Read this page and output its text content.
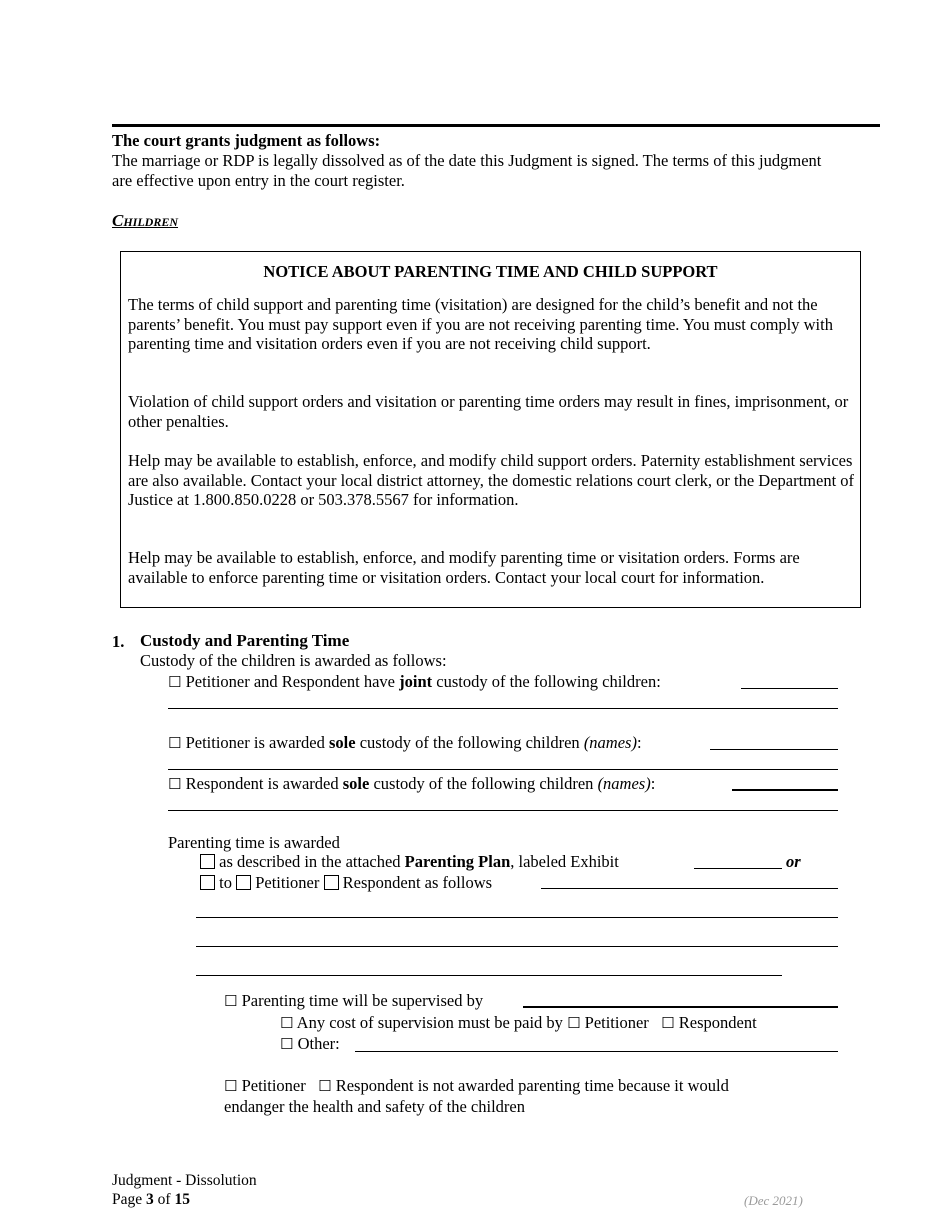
The court grants judgment as follows:
The marriage or RDP is legally dissolved as of the date this Judgment is signed. The terms of this judgment are effective upon entry in the court register.
Children
NOTICE ABOUT PARENTING TIME AND CHILD SUPPORT
The terms of child support and parenting time (visitation) are designed for the child’s benefit and not the parents’ benefit. You must pay support even if you are not receiving parenting time. You must comply with parenting time and visitation orders even if you are not receiving child support.
Violation of child support orders and visitation or parenting time orders may result in fines, imprisonment, or other penalties.
Help may be available to establish, enforce, and modify child support orders. Paternity establishment services are also available. Contact your local district attorney, the domestic relations court clerk, or the Department of Justice at 1.800.850.0228 or 503.378.5567 for information.
Help may be available to establish, enforce, and modify parenting time or visitation orders. Forms are available to enforce parenting time or visitation orders. Contact your local court for information.
1. Custody and Parenting Time
Custody of the children is awarded as follows:
☐ Petitioner and Respondent have joint custody of the following children:
☐ Petitioner is awarded sole custody of the following children (names):
☐ Respondent is awarded sole custody of the following children (names):
Parenting time is awarded
as described in the attached Parenting Plan, labeled Exhibit	or
to Petitioner Respondent as follows
☐ Parenting time will be supervised by
☐ Any cost of supervision must be paid by ☐ Petitioner ☐ Respondent
☐ Other:
☐ Petitioner ☐ Respondent is not awarded parenting time because it would
endanger the health and safety of the children
Judgment - Dissolution
Page 3 of 15	(Dec 2021)
